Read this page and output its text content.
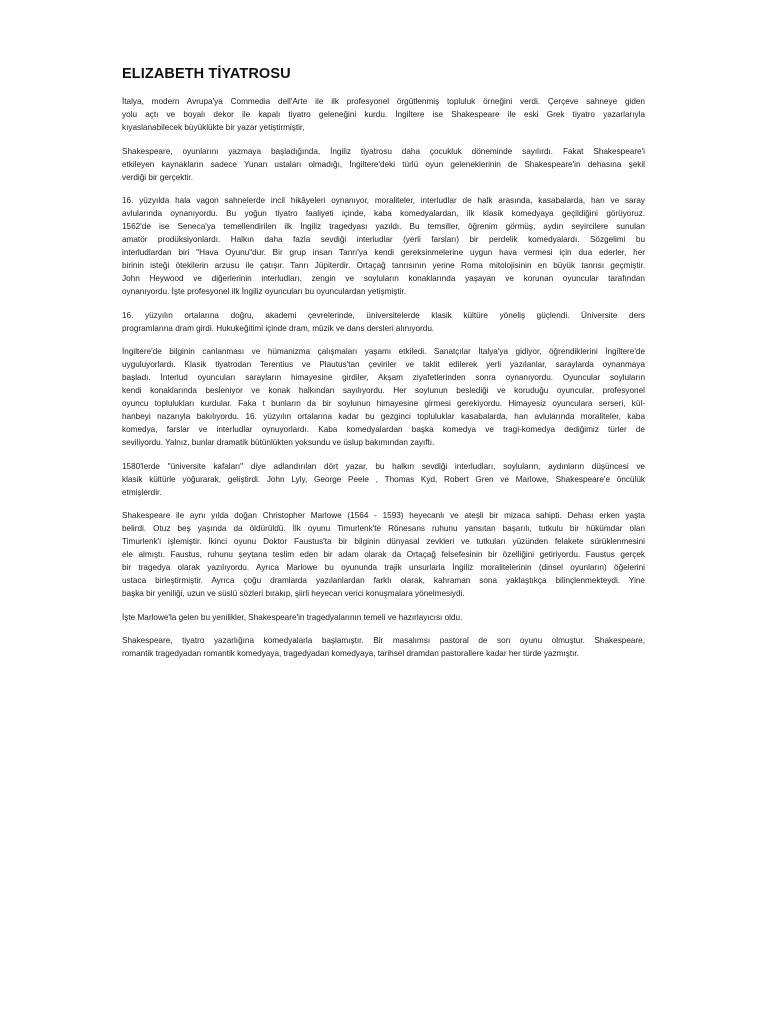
ELIZABETH TİYATROSU
İtalya, modern Avrupa'ya Commedia dell'Arte ile ilk profesyonel örgütlenmiş topluluk örneğini verdi. Çerçeve sahneye giden
yolu açtı ve boyalı dekor ile kapalı tiyatro geleneğini kurdu. İngiltere ise Shakespeare ile eski Grek tiyatro yazarlarıyla
kıyaslanabilecek büyüklükte bir yazar yetiştirmiştir,
Shakespeare, oyunlarını yazmaya başladığında, İngiliz tiyatrosu daha çocukluk döneminde sayılırdı. Fakat Shakespeare'i
etkileyen kaynakların sadece Yunan ustaları olmadığı, İngiltere'deki türlü oyun geleneklerinin de Shakespeare'in dehasına şekil
verdiği bir gerçektir.
16. yüzyılda hala vagon sahnelerde incil hikâyeleri oynanıyor, moraliteler, interludlar de halk arasında, kasabalarda, han ve saray
avlularında oynanıyordu. Bu yoğun tiyatro faaliyeti içinde, kaba komedyalardan, ilk klasik komedyaya geçildiğini görüyoruz.
1562'de ise Seneca'ya temellendirilen ilk İngiliz tragedyası yazıldı. Bu temsiller, öğrenim görmüş, aydın seyircilere sunulan
amatör prodüksiyonlardı. Halkın daha fazla sevdiği interludlar (yerli farsları) bir perdelik komedyalardı. Sözgelimi bu
interludlardan biri "Hava Oyunu"dur. Bir grup insan Tanrı'ya kendi gereksinmelerine uygun hava vermesi için dua ederler, her
birinin isteği ötekilerin arzusu ile çatışır. Tanrı Jüpiterdir. Ortaçağ tanrısının yerine Roma mitolojisinin en büyük tanrısı geçmiştir.
John Heywood ve diğerlerinin interludları, zengin ve soyluların konaklarında yaşayan ve korunan oyuncular tarafından
oynanıyordu. İşte profesyonel ilk İngiliz oyuncuları bu oyunculardan yetişmiştir.
16. yüzyılın ortalarına doğru, akademi çevrelerinde, üniversitelerde klasik kültüre yöneliş güçlendi. Üniversite ders
programlarına dram girdi. Hukukeğitimi içinde dram, müzik ve dans dersleri alınıyordu.
İngiltere'de bilginin canlanması ve hümanizma çalışmaları yaşamı etkiledi. Sanatçılar İtalya'ya gidiyor, öğrendiklerini İngiltere'de
uyguluyorlardı. Klasik tiyatrodan Terentius ve Plautus'tan çeviriler ve taklit edilerek yerli yazılanlar, saraylarda oynanmaya
başladı. İnterlud oyuncuları sarayların himayesine girdiler, Akşam ziyafetlerinden sonra oynanıyordu. Oyuncular soyluların
kendi konaklarında besleniyor ve konak halkından sayılıyordu. Her soylunun beslediği ve koruduğu oyuncular, profesyonel
oyuncu toplulukları kurdular. Faka t bunların da bir soylunun himayesine girmesi gerekiyordu. Himayesiz oyunculara serseri, kül-
hanbeyi nazarıyla bakılıyordu. 16. yüzyılın ortalarına kadar bu gezginci topluluklar kasabalarda, han avlularında moraliteler, kaba
komedya, farslar ve interludlar oynuyorlardı. Kaba komedyalardan başka komedya ve tragi-komedya dediğimiz türler de
seviliyordu. Yalnız, bunlar dramatik bütünlükten yoksundu ve üslup bakımından zayıftı.
1580'lerde "üniversite kafaları" diye adlandırılan dört yazar, bu halkın sevdiği interludları, soyluların, aydınların düşüncesi ve
klasik kültürle yoğurarak, geliştirdi. John Lyly, George Peele , Thomas Kyd, Robert Gren ve Marlowe, Shakespeare'e öncülük
etmişlerdir.
Shakespeare ile aynı yılda doğan Christopher Marlowe (1564 - 1593) heyecanlı ve ateşli bir mizaca sahipti. Dehası erken yaşta
belirdi. Otuz beş yaşında da öldürüldü. İlk oyunu Timurlenk'te Rönesans ruhunu yansıtan başarılı, tutkulu bir hükümdar olan
Timurlenk'i işlemiştir. İkinci oyunu Doktor Faustus'ta bir bilginin dünyasal zevkleri ve tutkuları yüzünden felakete sürüklenmesini
ele almıştı. Faustus, ruhunu şeytana teslim eden bir adam olarak da Ortaçağ felsefesinin bir özelliğini getiriyordu. Faustus gerçek
bir tragedya olarak yazılıyordu. Ayrıca Marlowe bu oyununda trajik unsurlarla İngiliz moralitelerinin (dinsel oyunların) öğelerini
ustaca birleştirmiştir. Ayrıca çoğu dramlarda yazılanlardan farklı olarak, kahraman sona yaklaştıkça bilinçlenmekteydi. Yine
başka bir yeniliği, uzun ve süslü sözleri bırakıp, şiirli heyecan verici konuşmalara yönelmesiydi.
İşte Marlowe'la gelen bu yenilikler, Shakespeare'in tragedyalarının temeli ve hazırlayıcısı oldu.
Shakespeare, tiyatro yazarlığına komedyalarla başlamıştır. Bir masalımsı pastoral de son oyunu olmuştur. Shakespeare,
romantik tragedyadan romantik komedyaya, tragedyadan komedyaya, tarihsel dramdan pastorallere kadar her türde yazmıştır.
